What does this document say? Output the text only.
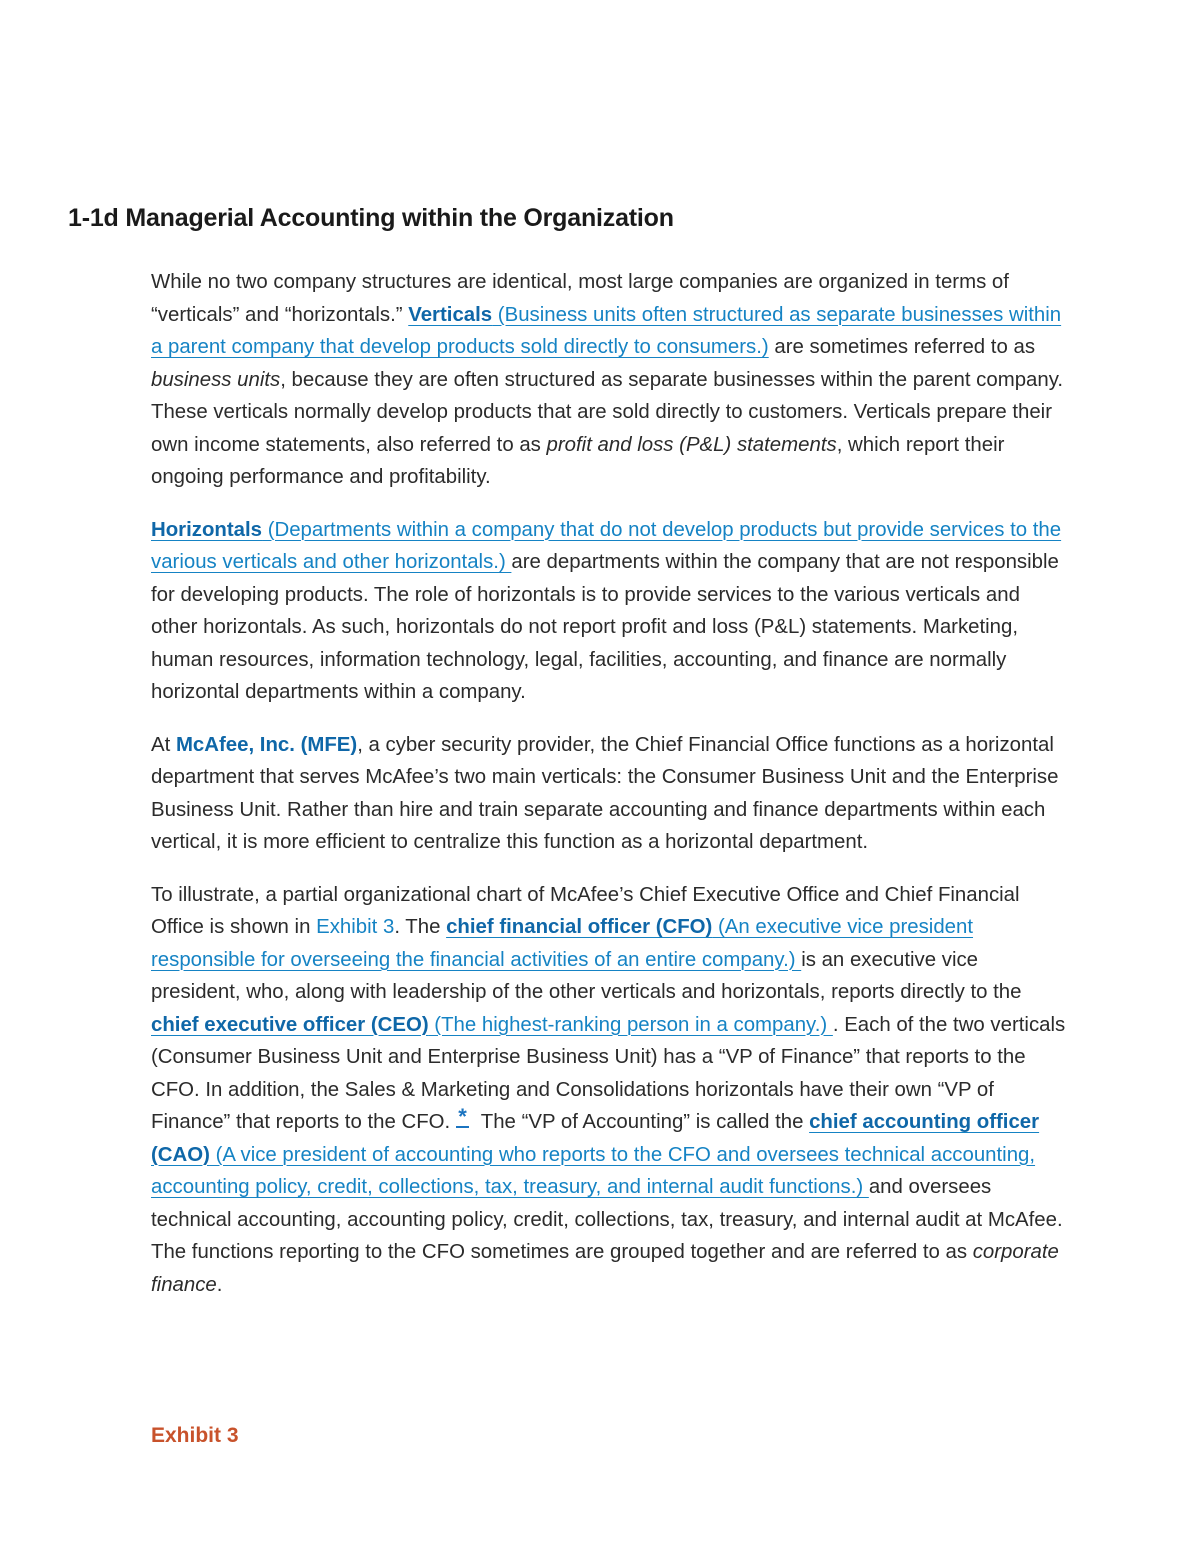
1-1d Managerial Accounting within the Organization

While no two company structures are identical, most large companies are organized in terms of “verticals” and “horizontals.” Verticals (Business units often structured as separate businesses within a parent company that develop products sold directly to consumers.) are sometimes referred to as business units, because they are often structured as separate businesses within the parent company. These verticals normally develop products that are sold directly to customers. Verticals prepare their own income statements, also referred to as profit and loss (P&L) statements, which report their ongoing performance and profitability.

Horizontals (Departments within a company that do not develop products but provide services to the various verticals and other horizontals.) are departments within the company that are not responsible for developing products. The role of horizontals is to provide services to the various verticals and other horizontals. As such, horizontals do not report profit and loss (P&L) statements. Marketing, human resources, information technology, legal, facilities, accounting, and finance are normally horizontal departments within a company.

At McAfee, Inc. (MFE), a cyber security provider, the Chief Financial Office functions as a horizontal department that serves McAfee’s two main verticals: the Consumer Business Unit and the Enterprise Business Unit. Rather than hire and train separate accounting and finance departments within each vertical, it is more efficient to centralize this function as a horizontal department.

To illustrate, a partial organizational chart of McAfee’s Chief Executive Office and Chief Financial Office is shown in Exhibit 3. The chief financial officer (CFO) (An executive vice president responsible for overseeing the financial activities of an entire company.) is an executive vice president, who, along with leadership of the other verticals and horizontals, reports directly to the chief executive officer (CEO) (The highest-ranking person in a company.) . Each of the two verticals (Consumer Business Unit and Enterprise Business Unit) has a “VP of Finance” that reports to the CFO. In addition, the Sales & Marketing and Consolidations horizontals have their own “VP of Finance” that reports to the CFO. * The “VP of Accounting” is called the chief accounting officer (CAO) (A vice president of accounting who reports to the CFO and oversees technical accounting, accounting policy, credit, collections, tax, treasury, and internal audit functions.) and oversees technical accounting, accounting policy, credit, collections, tax, treasury, and internal audit at McAfee. The functions reporting to the CFO sometimes are grouped together and are referred to as corporate finance.

Exhibit 3
